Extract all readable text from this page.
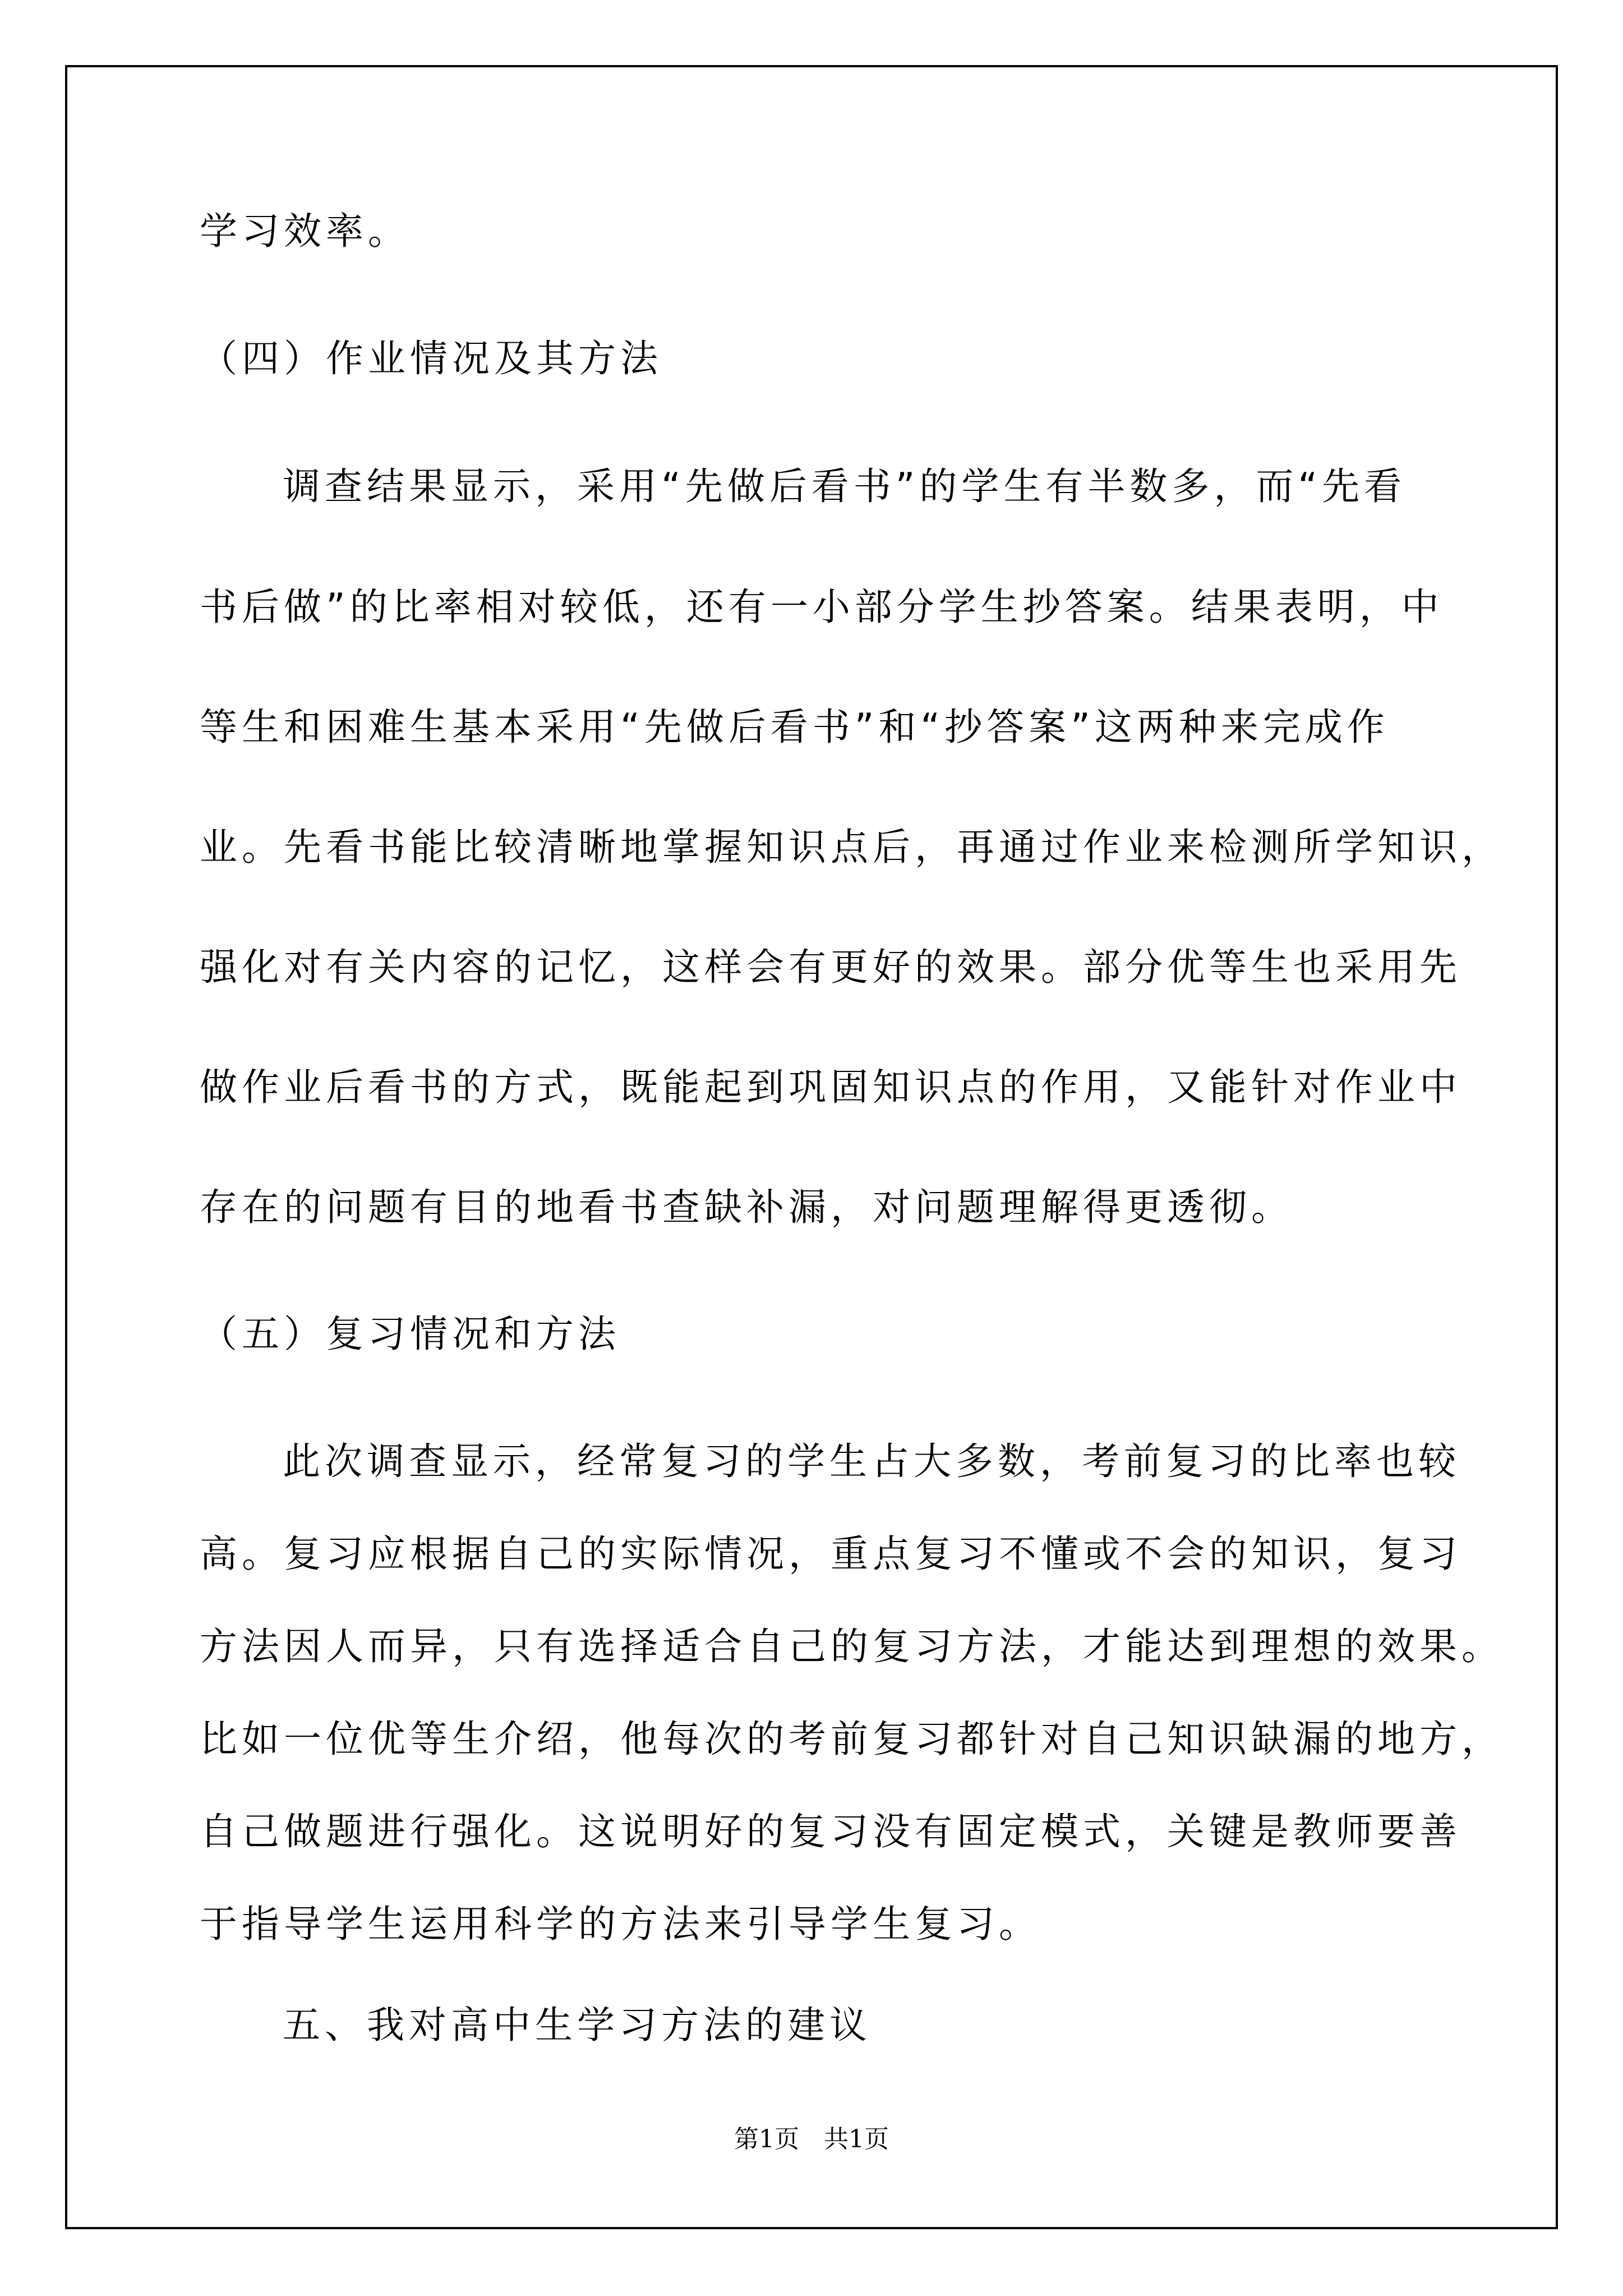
学习效率。
（四）作业情况及其方法
调查结果显示，采用“先做后看书”的学生有半数多，而“先看
书后做”的比率相对较低，还有一小部分学生抄答案。结果表明，中
等生和困难生基本采用“先做后看书”和“抄答案”这两种来完成作
业。先看书能比较清晰地掌握知识点后，再通过作业来检测所学知识，
强化对有关内容的记忆，这样会有更好的效果。部分优等生也采用先
做作业后看书的方式，既能起到巩固知识点的作用，又能针对作业中
存在的问题有目的地看书查缺补漏，对问题理解得更透彻。
（五）复习情况和方法
此次调查显示，经常复习的学生占大多数，考前复习的比率也较
高。复习应根据自己的实际情况，重点复习不懂或不会的知识，复习
方法因人而异，只有选择适合自己的复习方法，才能达到理想的效果。
比如一位优等生介绍，他每次的考前复习都针对自己知识缺漏的地方，
自己做题进行强化。这说明好的复习没有固定模式，关键是教师要善
于指导学生运用科学的方法来引导学生复习。
五、我对高中生学习方法的建议
第1页　共1页
